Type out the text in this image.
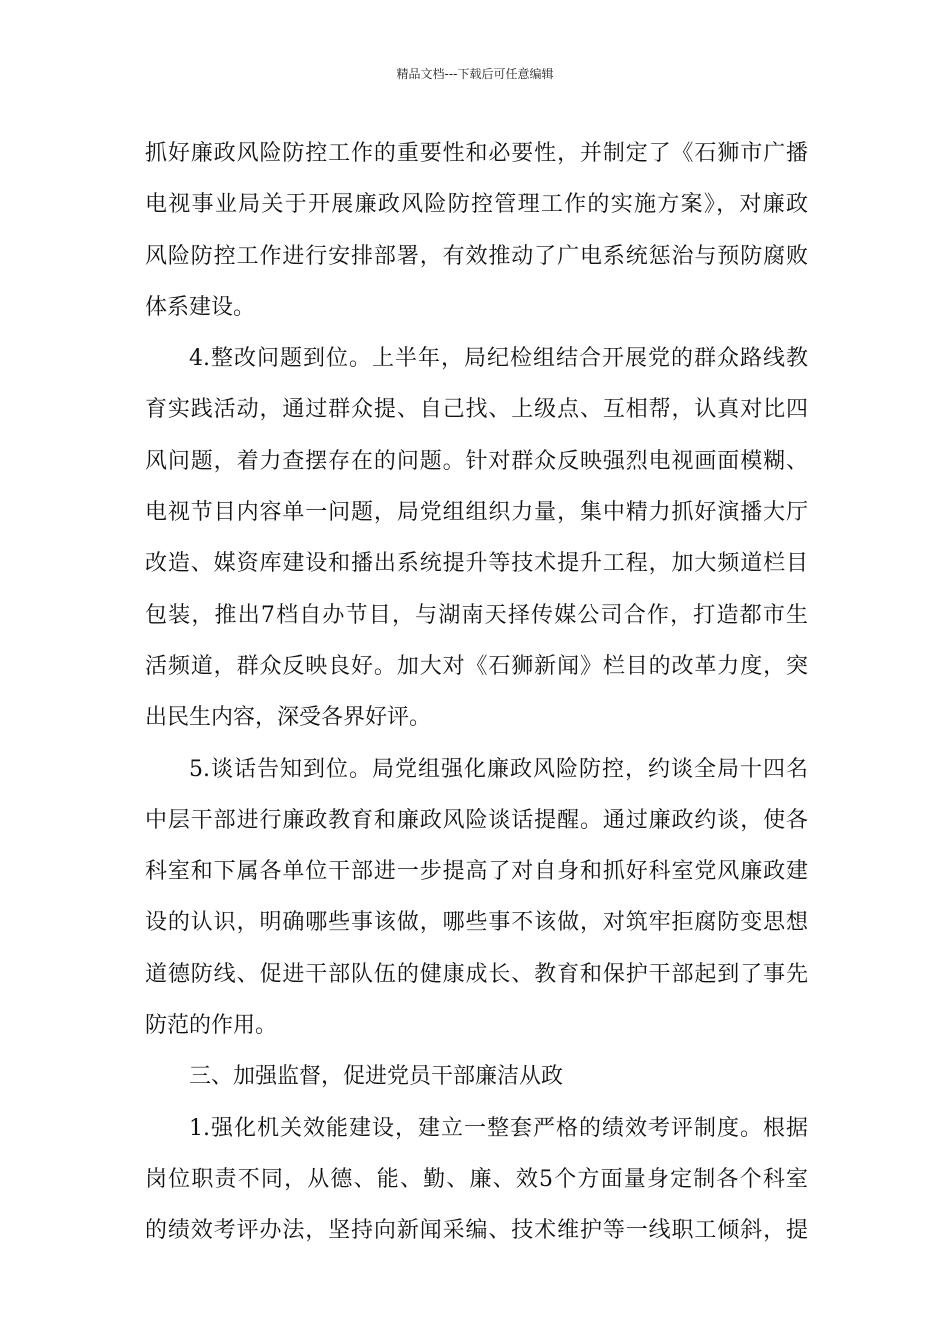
精品文档---下载后可任意编辑
抓好廉政风险防控工作的重要性和必要性，并制定了《石狮市广播
电视事业局关于开展廉政风险防控管理工作的实施方案》，对廉政
风险防控工作进行安排部署，有效推动了广电系统惩治与预防腐败
体系建设。
4.整改问题到位。上半年，局纪检组结合开展党的群众路线教
育实践活动，通过群众提、自己找、上级点、互相帮，认真对比四
风问题，着力查摆存在的问题。针对群众反映强烈电视画面模糊、
电视节目内容单一问题，局党组组织力量，集中精力抓好演播大厅
改造、媒资库建设和播出系统提升等技术提升工程，加大频道栏目
包装，推出7档自办节目，与湖南天择传媒公司合作，打造都市生
活频道，群众反映良好。加大对《石狮新闻》栏目的改革力度，突
出民生内容，深受各界好评。
5.谈话告知到位。局党组强化廉政风险防控，约谈全局十四名
中层干部进行廉政教育和廉政风险谈话提醒。通过廉政约谈，使各
科室和下属各单位干部进一步提高了对自身和抓好科室党风廉政建
设的认识，明确哪些事该做，哪些事不该做，对筑牢拒腐防变思想
道德防线、促进干部队伍的健康成长、教育和保护干部起到了事先
防范的作用。
三、加强监督，促进党员干部廉洁从政
1.强化机关效能建设，建立一整套严格的绩效考评制度。根据
岗位职责不同，从德、能、勤、廉、效5个方面量身定制各个科室
的绩效考评办法，坚持向新闻采编、技术维护等一线职工倾斜，提
